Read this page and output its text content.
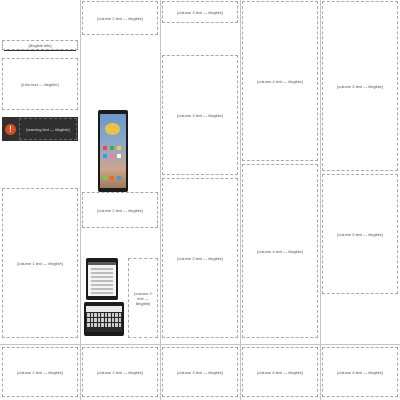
[illegible title]
[intro text — illegible]
!	[warning text — illegible]
[column 1 text — illegible]
[column 2 text — illegible]
[column 2 text — illegible]
[column 2 text — illegible]
[column 3 text — illegible]
[column 3 text — illegible]
[column 3 text — illegible]
[column 4 text — illegible]
[column 4 text — illegible]
[column 5 text — illegible]
[column 5 text — illegible]
[column 1 text — illegible]	[column 2 text — illegible]	[column 3 text — illegible]	[column 6 text — illegible]	[column 6 text — illegible]
